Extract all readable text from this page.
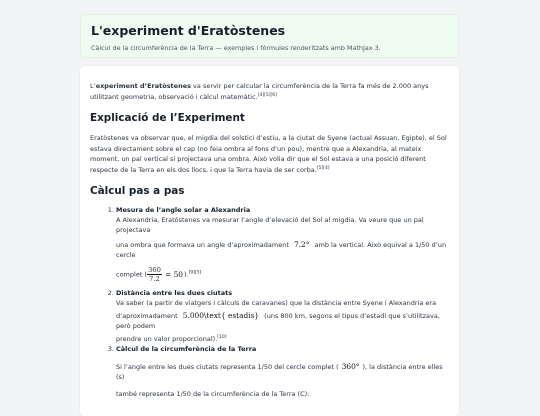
L'experiment d'Eratòstenes
Càlcul de la circumferència de la Terra — exemples i fórmules renderitzats amb MathJax 3.

L’experiment d’Eratòstenes va servir per calcular la circumferència de la Terra fa més de 2.000 anys utilitzant geometria, observació i càlcul matemàtic.[4][5][6]

Explicació de l’Experiment

Eratòstenes va observar que, el migdia del solstici d’estiu, a la ciutat de Syene (actual Assuan, Egipte), el Sol estava directament sobre el cap (no feia ombra al fons d’un pou), mentre que a Alexandria, al mateix moment, un pal vertical sí projectava una ombra. Això volia dir que el Sol estava a una posició diferent respecte de la Terra en els dos llocs, i que la Terra havia de ser corba.[5][4]

Càlcul pas a pas
1. Mesura de l’angle solar a Alexandria
A Alexandria, Eratòstenes va mesurar l’angle d’elevació del Sol al migdia. Va veure que un pal projectava
una ombra que formava un angle d’aproximadament 7.2° amb la vertical. Això equival a 1/50 d’un cercle
complet ( $\frac{360}{7.2} = 50).[9][5]$
2. Distància entre les dues ciutats
Va saber (a partir de viatgers i càlculs de caravanes) que la distància entre Syene i Alexandria era
d’aproximadament 5.000\text{ estadis} (uns 800 km, segons el tipus d’estadi que s’utilitzava, però podem
prendre un valor proporcional).[10]
3. Càlcul de la circumferència de la Terra
Si l’angle entre les dues ciutats representa 1/50 del cercle complet ( 360° ), la distància entre elles (s)
també representa 1/50 de la circumferència de la Terra (C):
